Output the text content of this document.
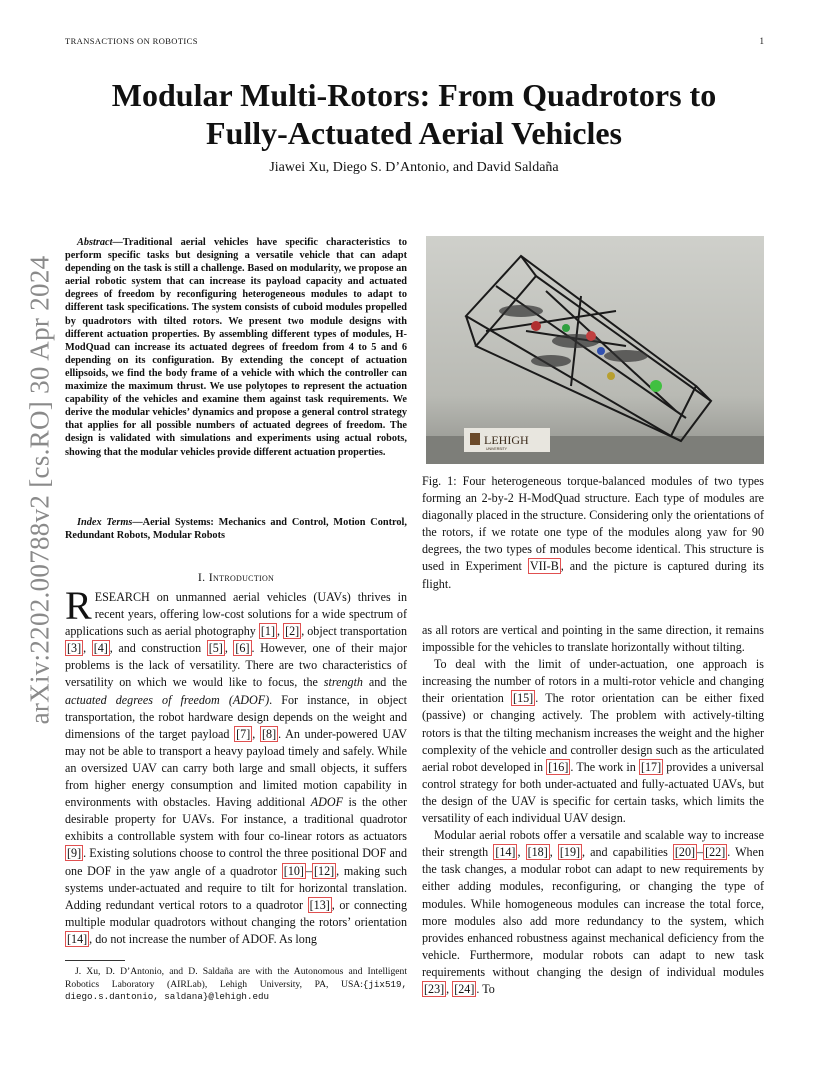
TRANSACTIONS ON ROBOTICS	1
Modular Multi-Rotors: From Quadrotors to
Fully-Actuated Aerial Vehicles
Jiawei Xu, Diego S. D’Antonio, and David Saldaña
arXiv:2202.00788v2 [cs.RO] 30 Apr 2024

Abstract—Traditional aerial vehicles have specific characteristics to perform specific tasks but designing a versatile vehicle that can adapt depending on the task is still a challenge. Based on modularity, we propose an aerial robotic system that can increase its payload capacity and actuated degrees of freedom by reconfiguring heterogeneous modules to adapt to different task specifications. The system consists of cuboid modules propelled by quadrotors with tilted rotors. We present two module designs with different actuation properties. By assembling different types of modules, H-ModQuad can increase its actuated degrees of freedom from 4 to 5 and 6 depending on its configuration. By extending the concept of actuation ellipsoids, we find the body frame of a vehicle with which the controller can maximize the maximum thrust. We use polytopes to represent the actuation capability of the vehicles and examine them against task requirements. We derive the modular vehicles’ dynamics and propose a general control strategy that applies for all possible numbers of actuated degrees of freedom. The design is validated with simulations and experiments using actual robots, showing that the modular vehicles provide different actuation properties.

Index Terms—Aerial Systems: Mechanics and Control, Motion Control, Redundant Robots, Modular Robots

I. Introduction

RESEARCH on unmanned aerial vehicles (UAVs) thrives in recent years, offering low-cost solutions for a wide spectrum of applications such as aerial photography [1] , [2] , object transportation [3] , [4] , and construction [5] , [6] . However, one of their major problems is the lack of versatility. There are two characteristics of versatility on which we would like to focus, the strength and the actuated degrees of freedom (ADOF). For instance, in object transportation, the robot hardware design depends on the weight and dimensions of the target payload [7] , [8] . An under-powered UAV may not be able to transport a heavy payload timely and safely. While an oversized UAV can carry both large and small objects, it suffers from higher energy consumption and limited motion capability in environments with obstacles. Having additional ADOF is the other desirable property for UAVs. For instance, a traditional quadrotor exhibits a controllable system with four co-linear rotors as actuators [9] . Existing solutions choose to control the three positional DOF and one DOF in the yaw angle of a quadrotor [10] – [12] , making such systems under-actuated and require to tilt for horizontal translation. Adding redundant vertical rotors to a quadrotor [13] , or connecting multiple modular quadrotors without changing the rotors’ orientation [14] , do not increase the number of ADOF. As long

LEHIGH
UNIVERSITY

Fig. 1: Four heterogeneous torque-balanced modules of two types forming an 2-by-2 H-ModQuad structure. Each type of modules are diagonally placed in the structure. Considering only the orientations of the rotors, if we rotate one type of the modules along yaw for 90 degrees, the two types of modules become identical. This structure is used in Experiment VII-B , and the picture is captured during its flight.

as all rotors are vertical and pointing in the same direction, it remains impossible for the vehicles to translate horizontally without tilting.

To deal with the limit of under-actuation, one approach is increasing the number of rotors in a multi-rotor vehicle and changing their orientation [15] . The rotor orientation can be either fixed (passive) or changing actively. The problem with actively-tilting rotors is that the tilting mechanism increases the weight and the higher complexity of the vehicle and controller design such as the articulated aerial robot developed in [16] . The work in [17] provides a universal control strategy for both under-actuated and fully-actuated UAVs, but the design of the UAV is specific for certain tasks, which limits the versatility of each individual UAV design.

Modular aerial robots offer a versatile and scalable way to increase their strength [14] , [18] , [19] , and capabilities [20] – [22] . When the task changes, a modular robot can adapt to new requirements by either adding modules, reconfiguring, or changing the type of modules. While homogeneous modules can increase the total force, more modules also add more redundancy to the system, which provides enhanced robustness against mechanical deficiency from the vehicle. Furthermore, modular robots can adapt to new task requirements without changing the design of individual modules [23] , [24] . To

J. Xu, D. D’Antonio, and D. Saldaña are with the Autonomous and Intelligent Robotics Laboratory (AIRLab), Lehigh University, PA, USA:{jix519, diego.s.dantonio, saldana}@lehigh.edu
